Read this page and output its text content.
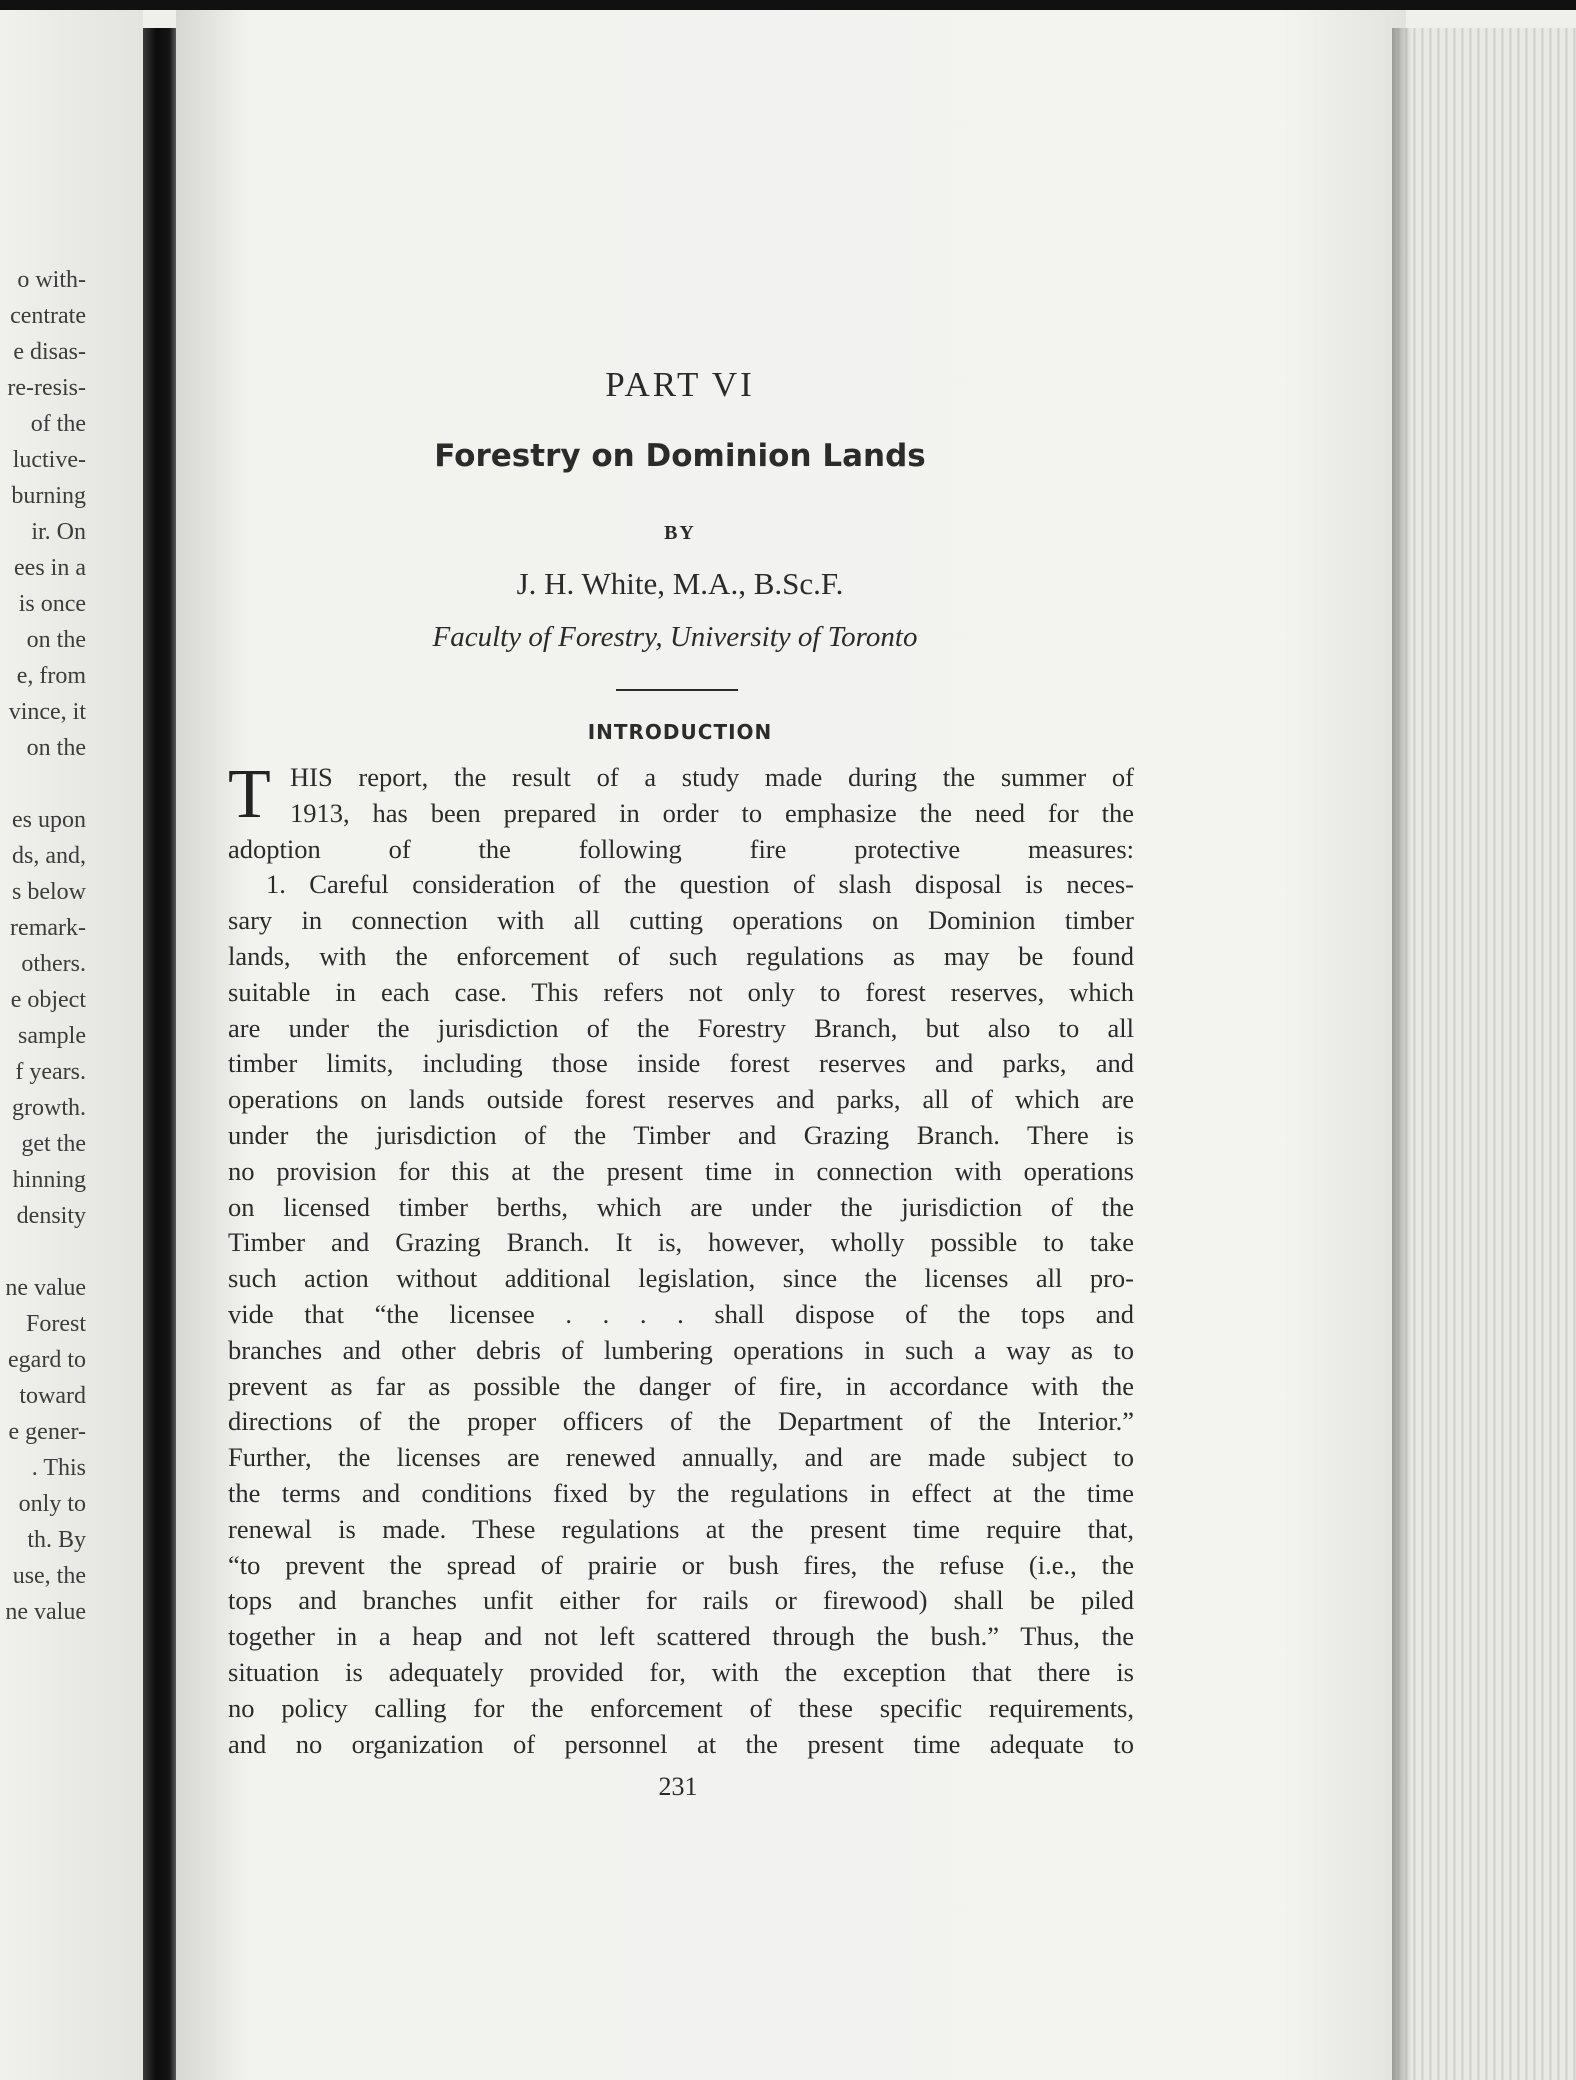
o with-
centrate
e disas-
re-resis-
of the
luctive-
burning
ir. On
ees in a
is once
on the
e, from
vince, it
on the
es upon
ds, and,
s below
remark-
others.
e object
sample
f years.
growth.
get the
hinning
density
ne value
Forest
egard to
toward
e gener-
. This
only to
th. By
use, the
ne value
PART VI
Forestry on Dominion Lands
BY
J. H. White, M.A., B.Sc.F.
Faculty of Forestry, University of Toronto
INTRODUCTION
T HIS report, the result of a study made during the summer of
1913, has been prepared in order to emphasize the need for the
adoption of the following fire protective measures:
1. Careful consideration of the question of slash disposal is neces-
sary in connection with all cutting operations on Dominion timber
lands, with the enforcement of such regulations as may be found
suitable in each case. This refers not only to forest reserves, which
are under the jurisdiction of the Forestry Branch, but also to all
timber limits, including those inside forest reserves and parks, and
operations on lands outside forest reserves and parks, all of which are
under the jurisdiction of the Timber and Grazing Branch. There is
no provision for this at the present time in connection with operations
on licensed timber berths, which are under the jurisdiction of the
Timber and Grazing Branch. It is, however, wholly possible to take
such action without additional legislation, since the licenses all pro-
vide that “the licensee . . . . shall dispose of the tops and
branches and other debris of lumbering operations in such a way as to
prevent as far as possible the danger of fire, in accordance with the
directions of the proper officers of the Department of the Interior.”
Further, the licenses are renewed annually, and are made subject to
the terms and conditions fixed by the regulations in effect at the time
renewal is made. These regulations at the present time require that,
“to prevent the spread of prairie or bush fires, the refuse (i.e., the
tops and branches unfit either for rails or firewood) shall be piled
together in a heap and not left scattered through the bush.” Thus, the
situation is adequately provided for, with the exception that there is
no policy calling for the enforcement of these specific requirements,
and no organization of personnel at the present time adequate to
231
